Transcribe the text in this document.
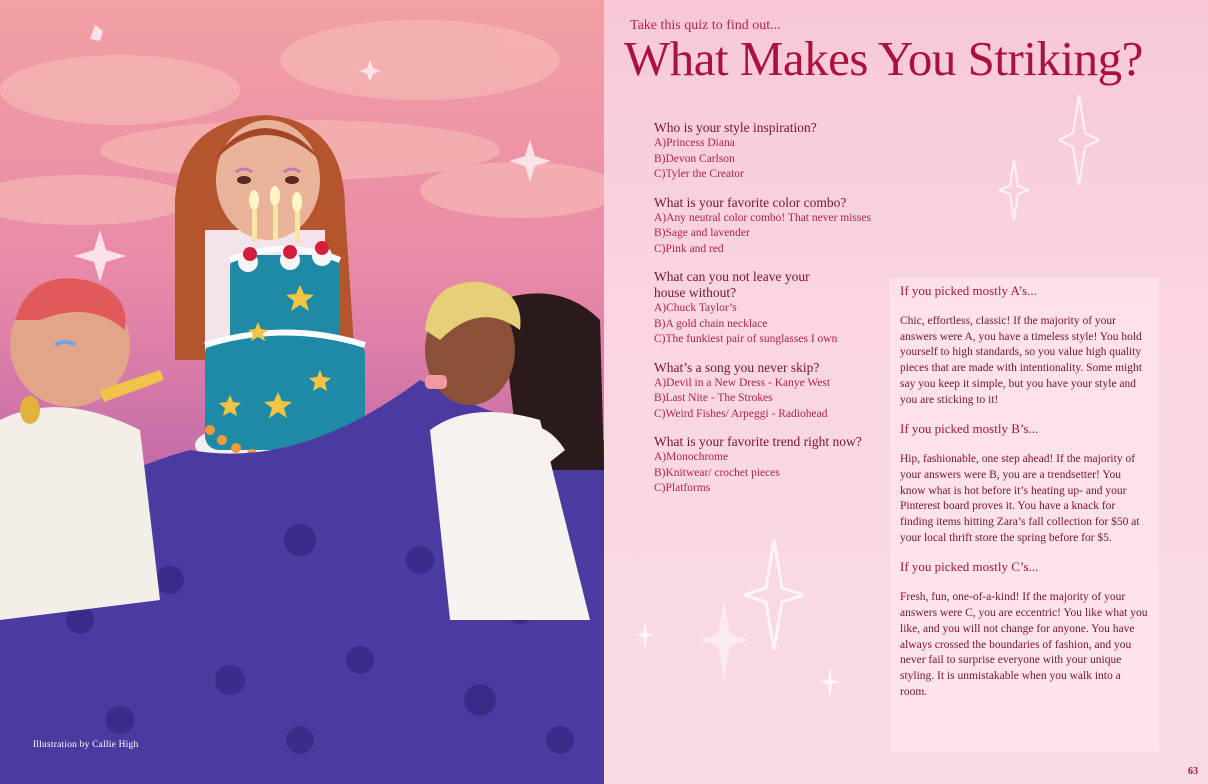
Illustration by Callie High
Take this quiz to find out...
What Makes You Striking?
Who is your style inspiration?
A)Princess Diana
B)Devon Carlson
C)Tyler the Creator
What is your favorite color combo?
A)Any neutral color combo! That never misses
B)Sage and lavender
C)Pink and red
What can you not leave your house without?
A)Chuck Taylor’s
B)A gold chain necklace
C)The funkiest pair of sunglasses I own
What’s a song you never skip?
A)Devil in a New Dress - Kanye West
B)Last Nite - The Strokes
C)Weird Fishes/ Arpeggi - Radiohead
What is your favorite trend right now?
A)Monochrome
B)Knitwear/ crochet pieces
C)Platforms
If you picked mostly A’s...
Chic, effortless, classic! If the majority of your answers were A, you have a timeless style! You hold yourself to high standards, so you value high quality pieces that are made with intentionality. Some might say you keep it simple, but you have your style and you are sticking to it!
If you picked mostly B’s...
Hip, fashionable, one step ahead! If the majority of your answers were B, you are a trendsetter! You know what is hot before it’s heating up- and your Pinterest board proves it. You have a knack for finding items hitting Zara’s fall collection for $50 at your local thrift store the spring before for $5.
If you picked mostly C’s...
Fresh, fun, one-of-a-kind! If the majority of your answers were C, you are eccentric! You like what you like, and you will not change for anyone. You have always crossed the boundaries of fashion, and you never fail to surprise everyone with your unique styling. It is unmistakable when you walk into a room.
63
